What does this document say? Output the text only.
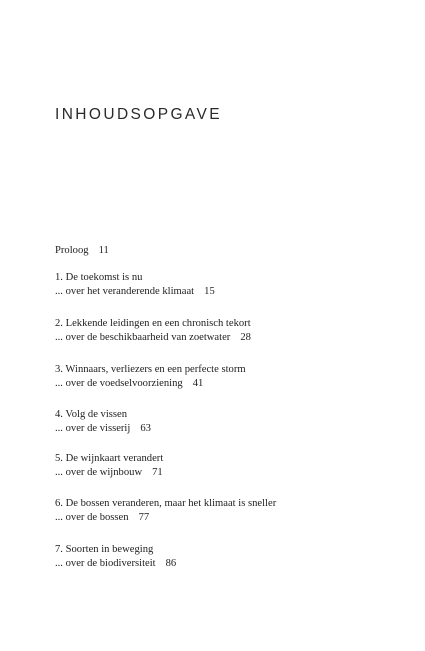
INHOUDSOPGAVE
Proloog 11
1. De toekomst is nu
... over het veranderende klimaat 15
2. Lekkende leidingen en een chronisch tekort
... over de beschikbaarheid van zoetwater 28
3. Winnaars, verliezers en een perfecte storm
... over de voedselvoorziening 41
4. Volg de vissen
... over de visserij 63
5. De wijnkaart verandert
... over de wijnbouw 71
6. De bossen veranderen, maar het klimaat is sneller
... over de bossen 77
7. Soorten in beweging
... over de biodiversiteit 86
